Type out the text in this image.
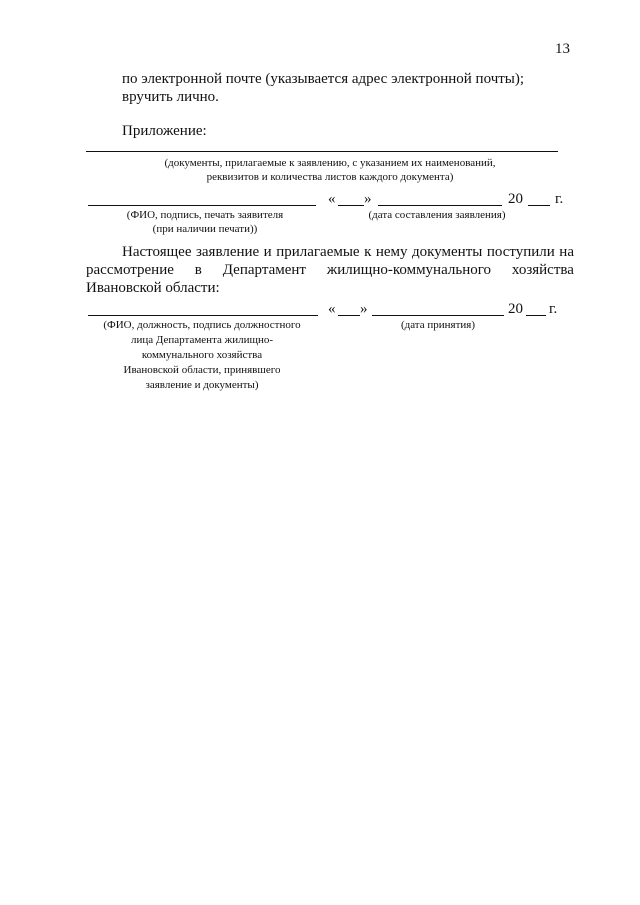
13
по электронной почте (указывается адрес электронной почты);
вручить лично.
Приложение:
(документы, прилагаемые к заявлению, с указанием их наименований,
реквизитов и количества листов каждого документа)
« »	20 г.
(ФИО, подпись, печать заявителя
(при наличии печати))
(дата составления заявления)
Настоящее заявление и прилагаемые к нему документы поступили на
рассмотрение в Департамент жилищно-коммунального хозяйства
Ивановской области:
« »	20 г.
(ФИО, должность, подпись должностного
лица Департамента жилищно-
коммунального хозяйства
Ивановской области, принявшего
заявление и документы)
(дата принятия)
